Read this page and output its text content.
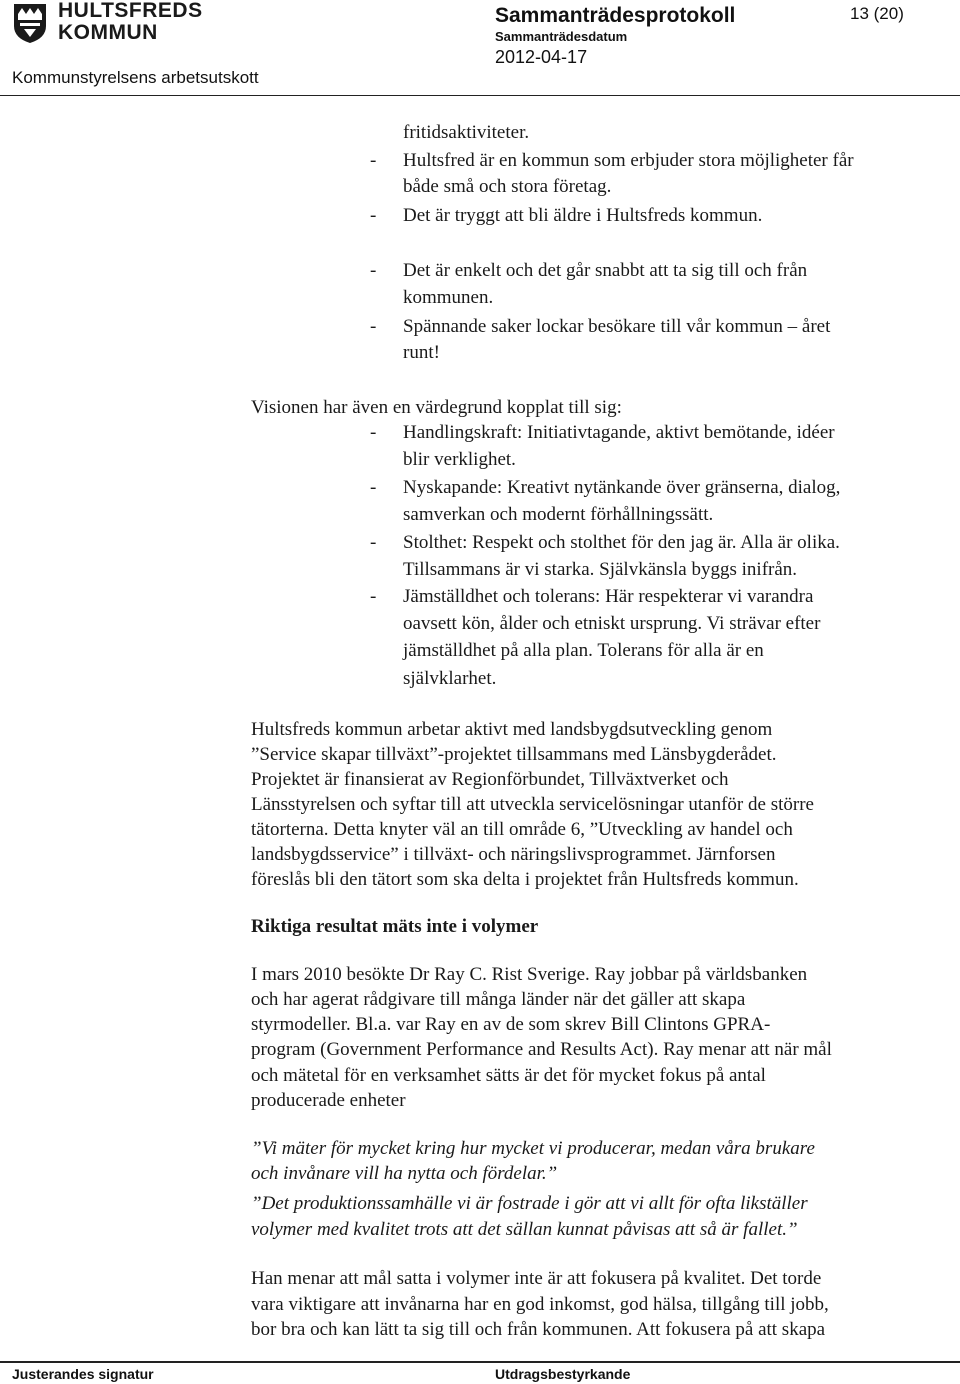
HULTSFREDS
KOMMUN
Sammanträdesprotokoll	13 (20)
Sammanträdesdatum
2012-04-17
Kommunstyrelsens arbetsutskott
fritidsaktiviteter.
- Hultsfred är en kommun som erbjuder stora möjligheter får
både små och stora företag.
- Det är tryggt att bli äldre i Hultsfreds kommun.
- Det är enkelt och det går snabbt att ta sig till och från
kommunen.
- Spännande saker lockar besökare till vår kommun – året
runt!
Visionen har även en värdegrund kopplat till sig:
- Handlingskraft: Initiativtagande, aktivt bemötande, idéer
blir verklighet.
- Nyskapande: Kreativt nytänkande över gränserna, dialog,
samverkan och modernt förhållningssätt.
- Stolthet: Respekt och stolthet för den jag är. Alla är olika.
Tillsammans är vi starka. Självkänsla byggs inifrån.
- Jämställdhet och tolerans: Här respekterar vi varandra
oavsett kön, ålder och etniskt ursprung. Vi strävar efter
jämställdhet på alla plan. Tolerans för alla är en
självklarhet.
Hultsfreds kommun arbetar aktivt med landsbygdsutveckling genom
”Service skapar tillväxt”-projektet tillsammans med Länsbygderådet.
Projektet är finansierat av Regionförbundet, Tillväxtverket och
Länsstyrelsen och syftar till att utveckla servicelösningar utanför de större
tätorterna. Detta knyter väl an till område 6, ”Utveckling av handel och
landsbygdsservice” i tillväxt- och näringslivsprogrammet. Järnforsen
föreslås bli den tätort som ska delta i projektet från Hultsfreds kommun.
Riktiga resultat mäts inte i volymer
I mars 2010 besökte Dr Ray C. Rist Sverige. Ray jobbar på världsbanken
och har agerat rådgivare till många länder när det gäller att skapa
styrmodeller. Bl.a. var Ray en av de som skrev Bill Clintons GPRA-
program (Government Performance and Results Act). Ray menar att när mål
och mätetal för en verksamhet sätts är det för mycket fokus på antal
producerade enheter
”Vi mäter för mycket kring hur mycket vi producerar, medan våra brukare
och invånare vill ha nytta och fördelar.”
”Det produktionssamhälle vi är fostrade i gör att vi allt för ofta likställer
volymer med kvalitet trots att det sällan kunnat påvisas att så är fallet.”
Han menar att mål satta i volymer inte är att fokusera på kvalitet. Det torde
vara viktigare att invånarna har en god inkomst, god hälsa, tillgång till jobb,
bor bra och kan lätt ta sig till och från kommunen. Att fokusera på att skapa
Justerandes signatur	Utdragsbestyrkande
